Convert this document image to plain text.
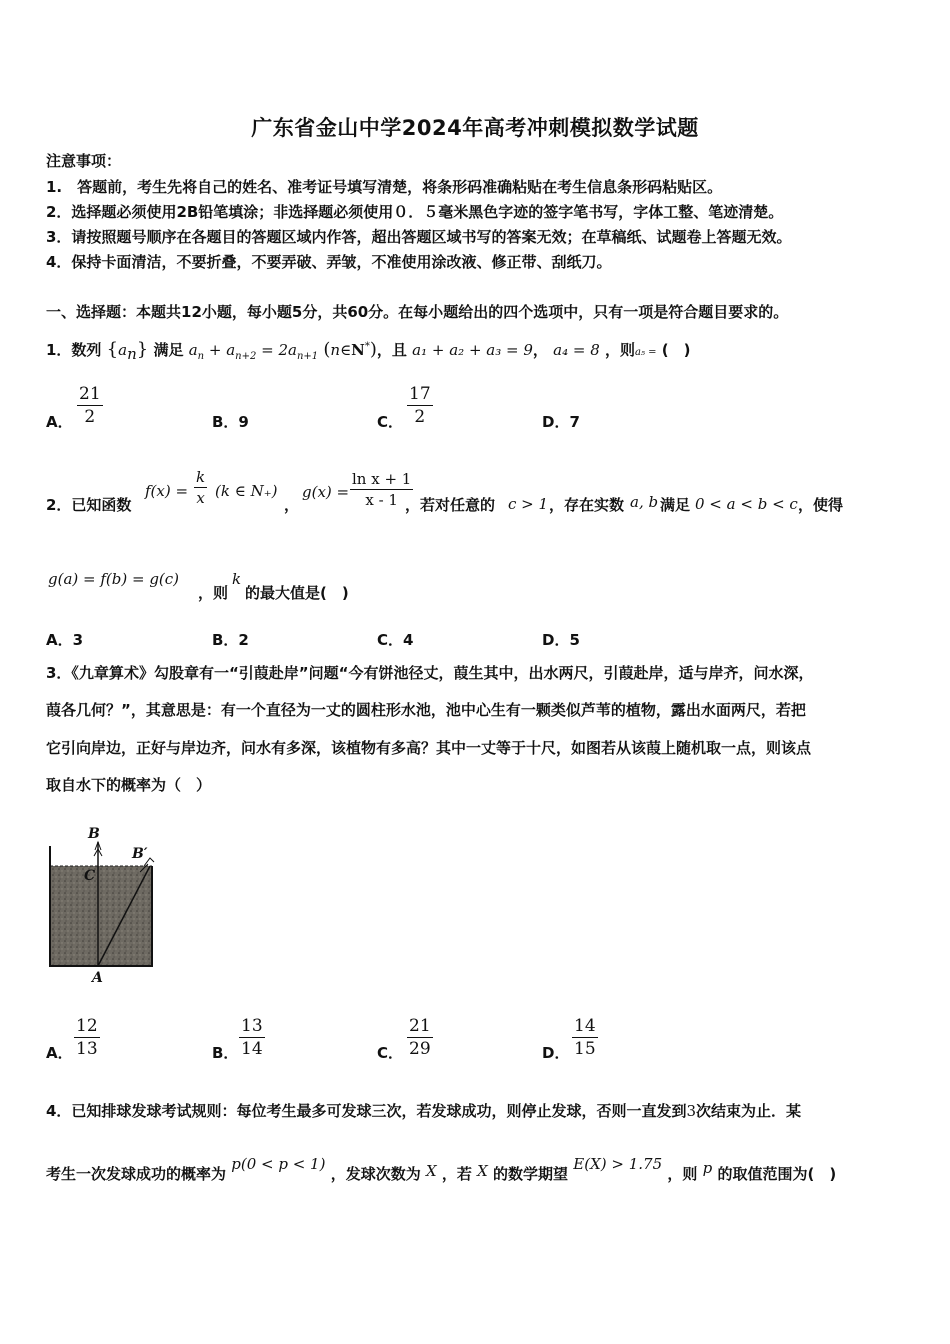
广东省金山中学2024年高考冲刺模拟数学试题
注意事项：
1.　答题前，考生先将自己的姓名、准考证号填写清楚，将条形码准确粘贴在考生信息条形码粘贴区。
2．选择题必须使用2B铅笔填涂；非选择题必须使用０．５毫米黑色字迹的签字笔书写，字体工整、笔迹清楚。
3．请按照题号顺序在各题目的答题区域内作答，超出答题区域书写的答案无效；在草稿纸、试题卷上答题无效。
4．保持卡面清洁，不要折叠，不要弄破、弄皱，不准使用涂改液、修正带、刮纸刀。
一、选择题：本题共12小题，每小题5分，共60分。在每小题给出的四个选项中，只有一项是符合题目要求的。
1．数列 $\{a_n\}$ 满足 $a_n + a_{n+2} = 2a_{n+1}$ (n∈N*)，且 a₁ + a₂ + a₃ = 9， a₄ = 8 ，则a₅ = (　)
A．
21
2	B．9	C．
17
2	D．7
2．已知函数
f(x) =
k
x (k ∈ N₊)
，
g(x) =
ln x + 1
x - 1 ，若对任意的 c > 1 ，存在实数 a, b 满足 0 < a < b < c ，使得
g(a) = f(b) = g(c)
，则
k
的最大值是(　)
A．3	B．2	C．4	D．5
3．《九章算术》勾股章有一“引葭赴岸”问题“今有饼池径丈，葭生其中，出水两尺，引葭赴岸，适与岸齐，问水深，
葭各几何？”，其意思是：有一个直径为一丈的圆柱形水池，池中心生有一颗类似芦苇的植物，露出水面两尺，若把
它引向岸边，正好与岸边齐，问水有多深，该植物有多高？其中一丈等于十尺，如图若从该葭上随机取一点，则该点
取自水下的概率为（　）
B
B′
C
A
A．
12
13	B．
13
14	C．
21
29	D．
14
15
4．已知排球发球考试规则：每位考生最多可发球三次，若发球成功，则停止发球，否则一直发到3次结束为止．某
考生一次发球成功的概率为 p(0 < p < 1) ，发球次数为 X ，若 X 的数学期望 E(X) > 1.75 ，则 p 的取值范围为(　)
